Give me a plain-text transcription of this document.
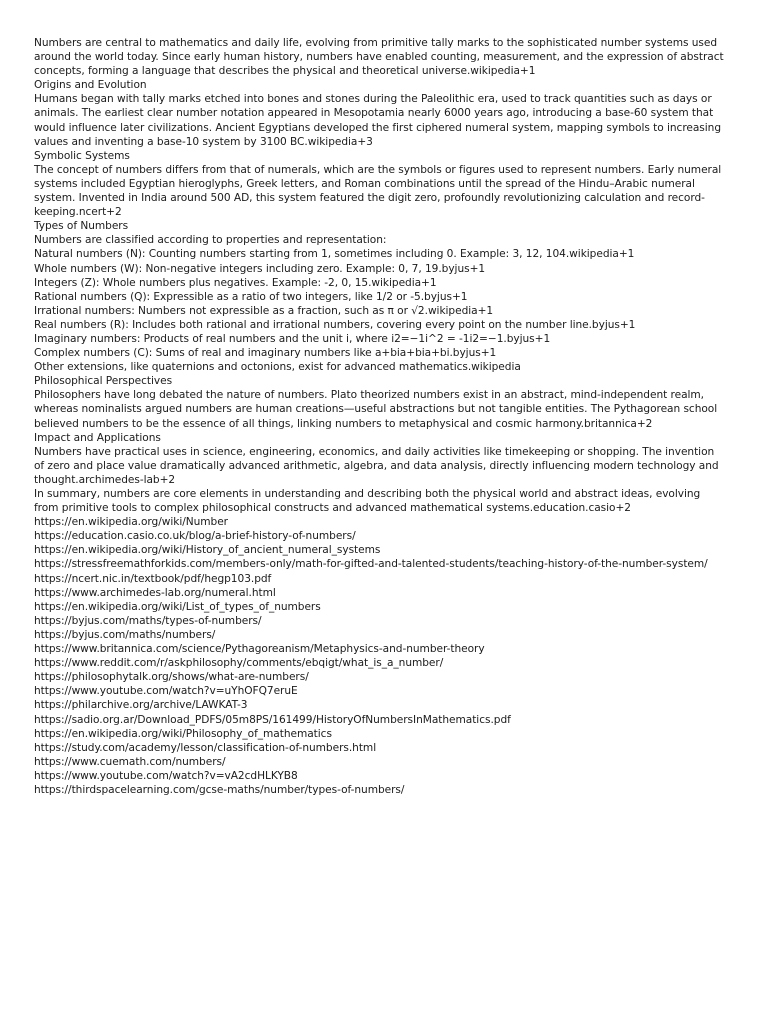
Numbers are central to mathematics and daily life, evolving from primitive tally marks to the sophisticated number systems used around the world today. Since early human history, numbers have enabled counting, measurement, and the expression of abstract concepts, forming a language that describes the physical and theoretical universe.wikipedia+1
Origins and Evolution
Humans began with tally marks etched into bones and stones during the Paleolithic era, used to track quantities such as days or animals. The earliest clear number notation appeared in Mesopotamia nearly 6000 years ago, introducing a base-60 system that would influence later civilizations. Ancient Egyptians developed the first ciphered numeral system, mapping symbols to increasing values and inventing a base-10 system by 3100 BC.wikipedia+3
Symbolic Systems
The concept of numbers differs from that of numerals, which are the symbols or figures used to represent numbers. Early numeral systems included Egyptian hieroglyphs, Greek letters, and Roman combinations until the spread of the Hindu–Arabic numeral system. Invented in India around 500 AD, this system featured the digit zero, profoundly revolutionizing calculation and record-keeping.ncert+2
Types of Numbers
Numbers are classified according to properties and representation:
Natural numbers (N): Counting numbers starting from 1, sometimes including 0. Example: 3, 12, 104.wikipedia+1
Whole numbers (W): Non-negative integers including zero. Example: 0, 7, 19.byjus+1
Integers (Z): Whole numbers plus negatives. Example: -2, 0, 15.wikipedia+1
Rational numbers (Q): Expressible as a ratio of two integers, like 1/2 or -5.byjus+1
Irrational numbers: Numbers not expressible as a fraction, such as π or √2.wikipedia+1
Real numbers (R): Includes both rational and irrational numbers, covering every point on the number line.byjus+1
Imaginary numbers: Products of real numbers and the unit i, where i2=−1i^2 = -1i2=−1.byjus+1
Complex numbers (C): Sums of real and imaginary numbers like a+bia+bia+bi.byjus+1
Other extensions, like quaternions and octonions, exist for advanced mathematics.wikipedia
Philosophical Perspectives
Philosophers have long debated the nature of numbers. Plato theorized numbers exist in an abstract, mind-independent realm, whereas nominalists argued numbers are human creations—useful abstractions but not tangible entities. The Pythagorean school believed numbers to be the essence of all things, linking numbers to metaphysical and cosmic harmony.britannica+2
Impact and Applications
Numbers have practical uses in science, engineering, economics, and daily activities like timekeeping or shopping. The invention of zero and place value dramatically advanced arithmetic, algebra, and data analysis, directly influencing modern technology and thought.archimedes-lab+2
In summary, numbers are core elements in understanding and describing both the physical world and abstract ideas, evolving from primitive tools to complex philosophical constructs and advanced mathematical systems.education.casio+2
https://en.wikipedia.org/wiki/Number
https://education.casio.co.uk/blog/a-brief-history-of-numbers/
https://en.wikipedia.org/wiki/History_of_ancient_numeral_systems
https://stressfreemathforkids.com/members-only/math-for-gifted-and-talented-students/teaching-history-of-the-number-system/
https://ncert.nic.in/textbook/pdf/hegp103.pdf
https://www.archimedes-lab.org/numeral.html
https://en.wikipedia.org/wiki/List_of_types_of_numbers
https://byjus.com/maths/types-of-numbers/
https://byjus.com/maths/numbers/
https://www.britannica.com/science/Pythagoreanism/Metaphysics-and-number-theory
https://www.reddit.com/r/askphilosophy/comments/ebqigt/what_is_a_number/
https://philosophytalk.org/shows/what-are-numbers/
https://www.youtube.com/watch?v=uYhOFQ7eruE
https://philarchive.org/archive/LAWKAT-3
https://sadio.org.ar/Download_PDFS/05m8PS/161499/HistoryOfNumbersInMathematics.pdf
https://en.wikipedia.org/wiki/Philosophy_of_mathematics
https://study.com/academy/lesson/classification-of-numbers.html
https://www.cuemath.com/numbers/
https://www.youtube.com/watch?v=vA2cdHLKYB8
https://thirdspacelearning.com/gcse-maths/number/types-of-numbers/
